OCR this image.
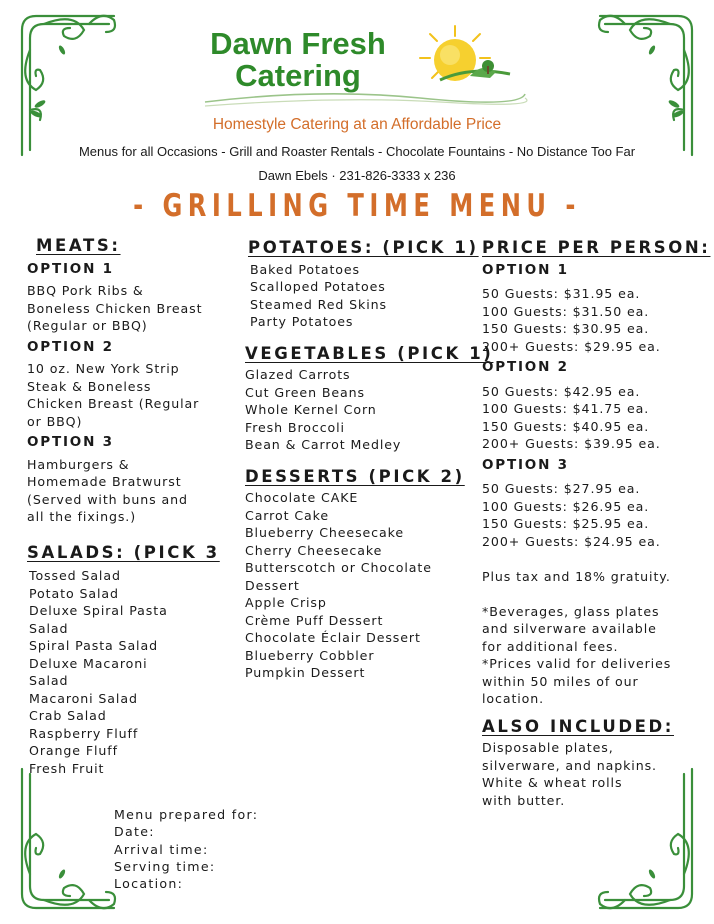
Dawn Fresh
Catering
Homestyle Catering at an Affordable Price
Menus for all Occasions - Grill and Roaster Rentals - Chocolate Fountains - No Distance Too Far
Dawn Ebels · 231-826-3333 x 236
- GRILLING TIME MENU -
MEATS:
OPTION 1
BBQ Pork Ribs &
Boneless Chicken Breast
(Regular or BBQ)
OPTION 2
10 oz. New York Strip
Steak & Boneless
Chicken Breast (Regular
or BBQ)
OPTION 3
Hamburgers &
Homemade Bratwurst
(Served with buns and
all the fixings.)
SALADS: (PICK 3
Tossed Salad
Potato Salad
Deluxe Spiral Pasta
Salad
Spiral Pasta Salad
Deluxe Macaroni
Salad
Macaroni Salad
Crab Salad
Raspberry Fluff
Orange Fluff
Fresh Fruit
POTATOES: (PICK 1)
Baked Potatoes
Scalloped Potatoes
Steamed Red Skins
Party Potatoes
VEGETABLES (PICK 1)
Glazed Carrots
Cut Green Beans
Whole Kernel Corn
Fresh Broccoli
Bean & Carrot Medley
DESSERTS (PICK 2)
Chocolate CAKE
Carrot Cake
Blueberry Cheesecake
Cherry Cheesecake
Butterscotch or Chocolate
Dessert
Apple Crisp
Crème Puff Dessert
Chocolate Éclair Dessert
Blueberry Cobbler
Pumpkin Dessert
PRICE PER PERSON:
OPTION 1
50 Guests: $31.95 ea.
100 Guests: $31.50 ea.
150 Guests: $30.95 ea.
200+ Guests: $29.95 ea.
OPTION 2
50 Guests: $42.95 ea.
100 Guests: $41.75 ea.
150 Guests: $40.95 ea.
200+ Guests: $39.95 ea.
OPTION 3
50 Guests: $27.95 ea.
100 Guests: $26.95 ea.
150 Guests: $25.95 ea.
200+ Guests: $24.95 ea.
Plus tax and 18% gratuity.
*Beverages, glass plates
and silverware available
for additional fees.
*Prices valid for deliveries
within 50 miles of our
location.
ALSO INCLUDED:
Disposable plates,
silverware, and napkins.
White & wheat rolls
with butter.
Menu prepared for:
Date:
Arrival time:
Serving time:
Location:
